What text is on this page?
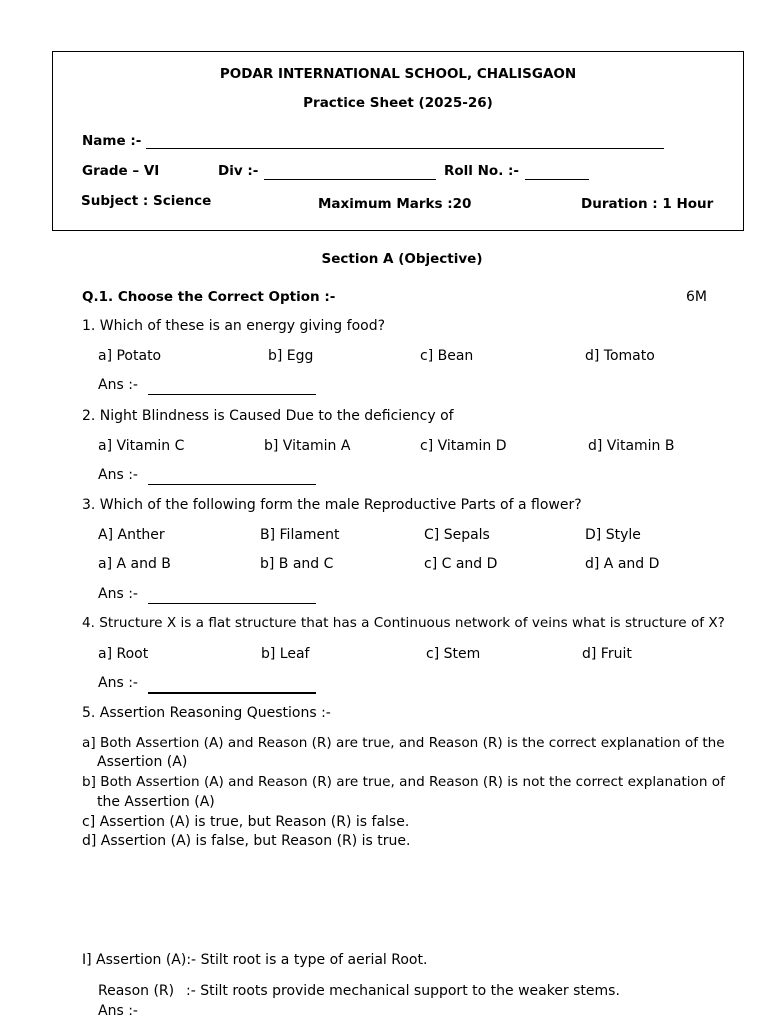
PODAR INTERNATIONAL SCHOOL, CHALISGAON
Practice Sheet (2025-26)
Name :-
Grade – VI	Div :-	Roll No. :-
Subject : Science	Maximum Marks :20	Duration : 1 Hour
Section A (Objective)
Q.1. Choose the Correct Option :-	6M
1. Which of these is an energy giving food?
a] Potato	b] Egg	c] Bean	d] Tomato
Ans :-
2. Night Blindness is Caused Due to the deficiency of
a] Vitamin C	b] Vitamin A	c] Vitamin D	d] Vitamin B
Ans :-
3. Which of the following form the male Reproductive Parts of a flower?
A] Anther	B] Filament	C] Sepals	D] Style
a] A and B	b] B and C	c] C and D	d] A and D
Ans :-
4. Structure X is a flat structure that has a Continuous network of veins what is structure of X?
a] Root	b] Leaf	c] Stem	d] Fruit
Ans :-
5. Assertion Reasoning Questions :-
a] Both Assertion (A) and Reason (R) are true, and Reason (R) is the correct explanation of the
Assertion (A)
b] Both Assertion (A) and Reason (R) are true, and Reason (R) is not the correct explanation of
the Assertion (A)
c] Assertion (A) is true, but Reason (R) is false.
d] Assertion (A) is false, but Reason (R) is true.
I] Assertion (A):- Stilt root is a type of aerial Root.
Reason (R) :- Stilt roots provide mechanical support to the weaker stems.
Ans :-
